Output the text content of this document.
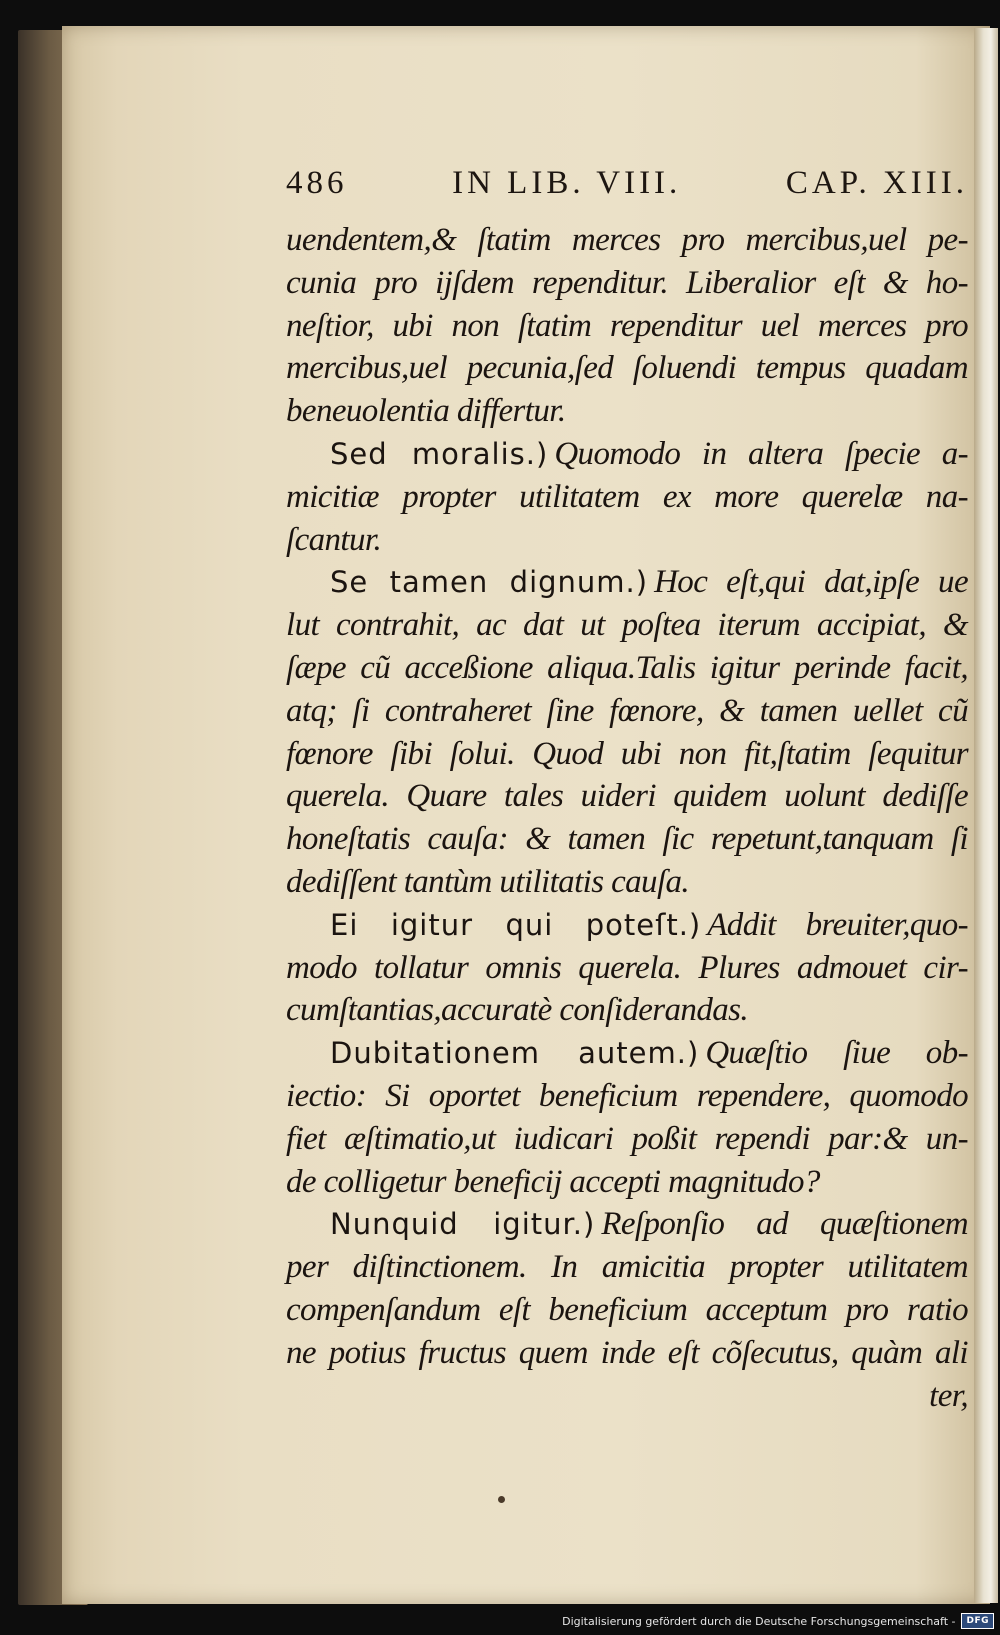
486	IN LIB. VIII.	CAP. XIII.
uendentem,& ſtatim merces pro mercibus,uel pe-
cunia pro ijſdem rependitur. Liberalior eſt & ho-
neſtior, ubi non ſtatim rependitur uel merces pro
mercibus,uel pecunia,ſed ſoluendi tempus quadam
beneuolentia differtur.
Sed moralis.) Quomodo in altera ſpecie a-
micitiæ propter utilitatem ex more querelæ na-
ſcantur.
Se tamen dignum.) Hoc eſt,qui dat,ipſe ue
lut contrahit, ac dat ut poſtea iterum accipiat, &
ſæpe cũ acceßione aliqua.Talis igitur perinde facit,
atq; ſi contraheret ſine fœnore, & tamen uellet cũ
fœnore ſibi ſolui. Quod ubi non fit,ſtatim ſequitur
querela. Quare tales uideri quidem uolunt dediſſe
honeſtatis cauſa: & tamen ſic repetunt,tanquam ſi
dediſſent tantùm utilitatis cauſa.
Ei igitur qui poteſt.) Addit breuiter,quo-
modo tollatur omnis querela. Plures admouet cir-
cumſtantias,accuratè conſiderandas.
Dubitationem autem.) Quæſtio ſiue ob-
iectio: Si oportet beneficium rependere, quomodo
fiet æſtimatio,ut iudicari poßit rependi par:& un-
de colligetur beneficij accepti magnitudo?
Nunquid igitur.) Reſponſio ad quæſtionem
per diſtinctionem. In amicitia propter utilitatem
compenſandum eſt beneficium acceptum pro ratio
ne potius fructus quem inde eſt cõſecutus, quàm ali
ter,
Digitalisierung gefördert durch die Deutsche Forschungsgemeinschaft -	DFG
